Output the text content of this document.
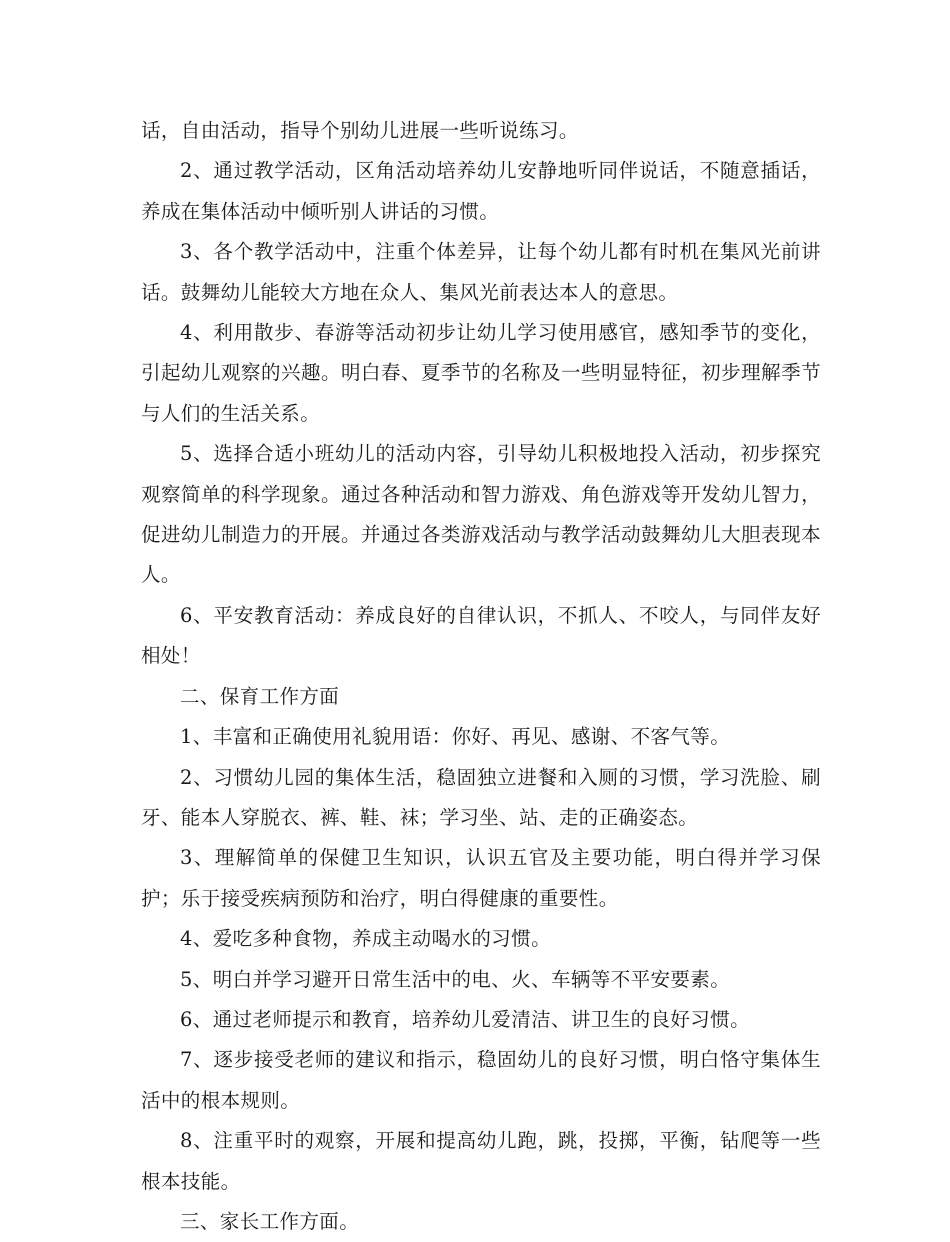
话，自由活动，指导个别幼儿进展一些听说练习。

2、通过教学活动，区角活动培养幼儿安静地听同伴说话，不随意插话，养成在集体活动中倾听别人讲话的习惯。

3、各个教学活动中，注重个体差异，让每个幼儿都有时机在集风光前讲话。鼓舞幼儿能较大方地在众人、集风光前表达本人的意思。

4、利用散步、春游等活动初步让幼儿学习使用感官，感知季节的变化，引起幼儿观察的兴趣。明白春、夏季节的名称及一些明显特征，初步理解季节与人们的生活关系。

5、选择合适小班幼儿的活动内容，引导幼儿积极地投入活动，初步探究观察简单的科学现象。通过各种活动和智力游戏、角色游戏等开发幼儿智力，促进幼儿制造力的开展。并通过各类游戏活动与教学活动鼓舞幼儿大胆表现本人。

6、平安教育活动：养成良好的自律认识，不抓人、不咬人，与同伴友好相处！

二、保育工作方面

1、丰富和正确使用礼貌用语：你好、再见、感谢、不客气等。

2、习惯幼儿园的集体生活，稳固独立进餐和入厕的习惯，学习洗脸、刷牙、能本人穿脱衣、裤、鞋、袜；学习坐、站、走的正确姿态。

3、理解简单的保健卫生知识，认识五官及主要功能，明白得并学习保护；乐于接受疾病预防和治疗，明白得健康的重要性。

4、爱吃多种食物，养成主动喝水的习惯。

5、明白并学习避开日常生活中的电、火、车辆等不平安要素。

6、通过老师提示和教育，培养幼儿爱清洁、讲卫生的良好习惯。

7、逐步接受老师的建议和指示，稳固幼儿的良好习惯，明白恪守集体生活中的根本规则。

8、注重平时的观察，开展和提高幼儿跑，跳，投掷，平衡，钻爬等一些根本技能。

三、家长工作方面。
